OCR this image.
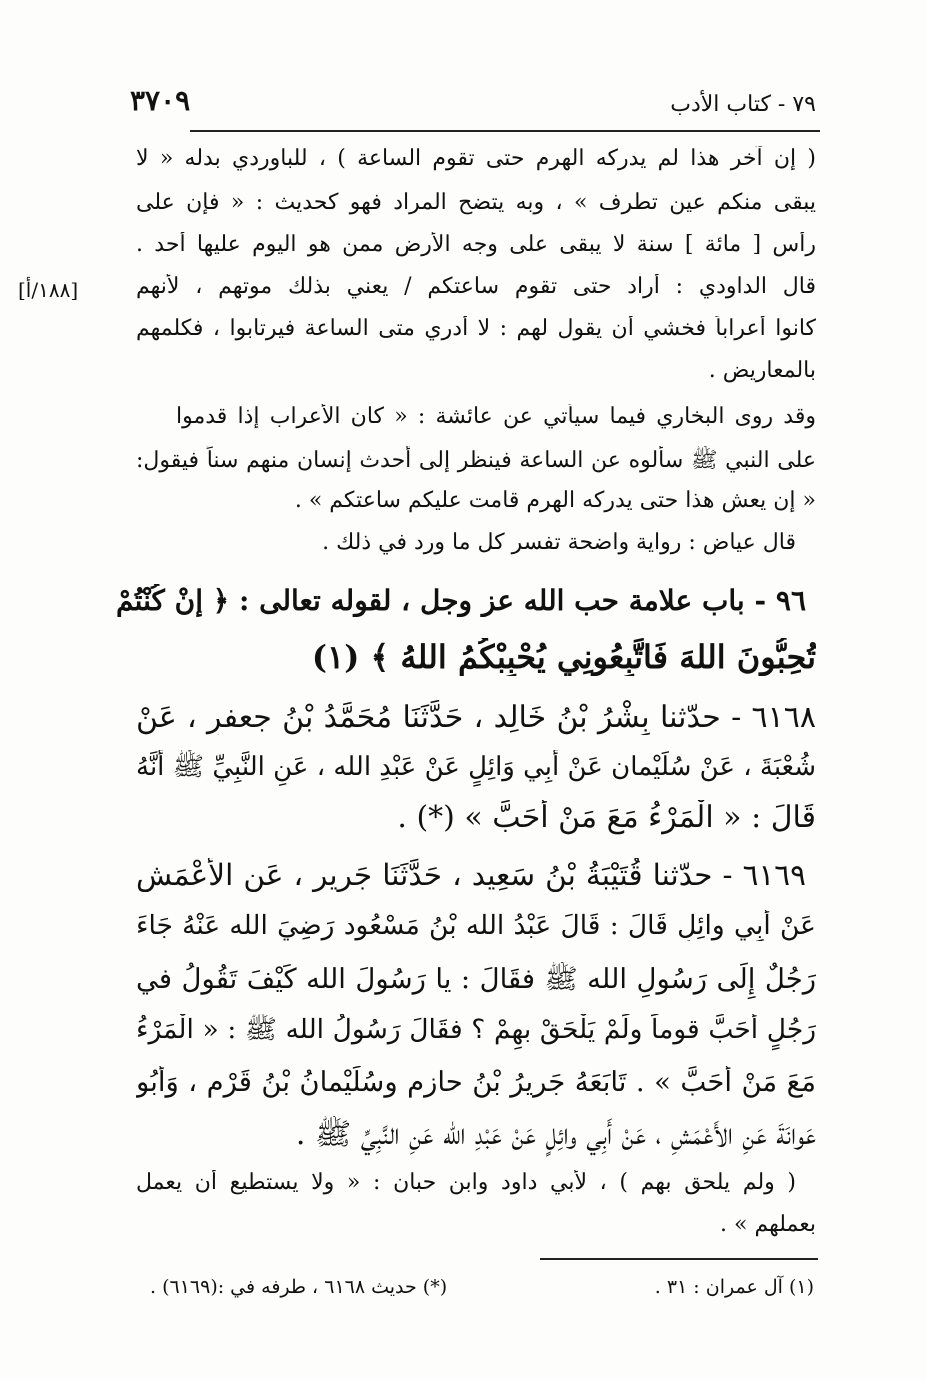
٣٧٠٩	٧٩ - كتاب الأدب
( إن آخر هذا لم يدركه الهرم حتى تقوم الساعة ) ، للباوردي بدله « لا
يبقى منكم عين تطرف » ، وبه يتضح المراد فهو كحديث : « فإن على
رأس [ مائة ] سنة لا يبقى على وجه الأرض ممن هو اليوم عليها أحد .
قال الداودي : أراد حتى تقوم ساعتكم / يعني بذلك موتهم ، لأنهم
[١٨٨/أ]
كانوا أعراباً فخشي أن يقول لهم : لا أدري متى الساعة فيرتابوا ، فكلمهم
بالمعاريض .
وقد روى البخاري فيما سيأتي عن عائشة : « كان الأعراب إذا قدموا
على النبي ﷺ سألوه عن الساعة فينظر إلى أحدث إنسان منهم سناً فيقول:
« إن يعش هذا حتى يدركه الهرم قامت عليكم ساعتكم » .
قال عياض : رواية واضحة تفسر كل ما ورد في ذلك .
٩٦ - باب علامة حب الله عز وجل ، لقوله تعالى : ﴿ إِنْ كُنْتُمْ
تُحِبُّونَ اللهَ فَاتَّبِعُونِي يُحْبِبْكُمُ اللهُ ﴾ (١)
٦١٦٨ - حدّثنا بِشْرُ بْنُ خَالِد ، حَدَّثَنَا مُحَمَّدُ بْنُ جعفرٍ ، عَنْ
شُعْبَةَ ، عَنْ سُلَيْمان عَنْ أَبِي وَائِلٍ عَنْ عَبْدِ الله ، عَنِ النَّبِيِّ ﷺ أَنَّهُ
قَالَ : « الْمَرْءُ مَعَ مَنْ أَحَبَّ » (*) .
٦١٦٩ - حدّثنا قُتَيْبَةُ بْنُ سَعِيد ، حَدَّثَنَا جَرِير ، عَنِ الأَعْمَشِ
عَنْ أَبِي وائِلٍ قَالَ : قَالَ عَبْدُ الله بْنُ مَسْعُود رَضِيَ الله عَنْهُ جَاءَ
رَجُلٌ إِلَى رَسُولِ الله ﷺ فقَالَ : يا رَسُولَ الله كَيْفَ تَقُولُ في
رَجُلٍ أَحَبَّ قوماً ولَمْ يَلْحَقْ بهِمْ ؟ فقَالَ رَسُولُ الله ﷺ : « الْمَرْءُ
مَعَ مَنْ أَحَبَّ » . تَابَعَهُ جَرِيرُ بْنُ حازِمٍ وسُلَيْمانُ بْنُ قَرْمٍ ، وَأَبُو
عَوانَةَ عَنِ الأَعْمَشِ ، عَنْ أَبِي وائِلٍ عَنْ عَبْدِ الله عَنِ النَّبِيِّ ﷺ .
( ولم يلحق بهم ) ، لأبي داود وابن حبان : « ولا يستطيع أن يعمل
بعملهم » .
(١) آل عمران : ٣١ .
(*) حديث ٦١٦٨ ، طرفه في :(٦١٦٩) .
